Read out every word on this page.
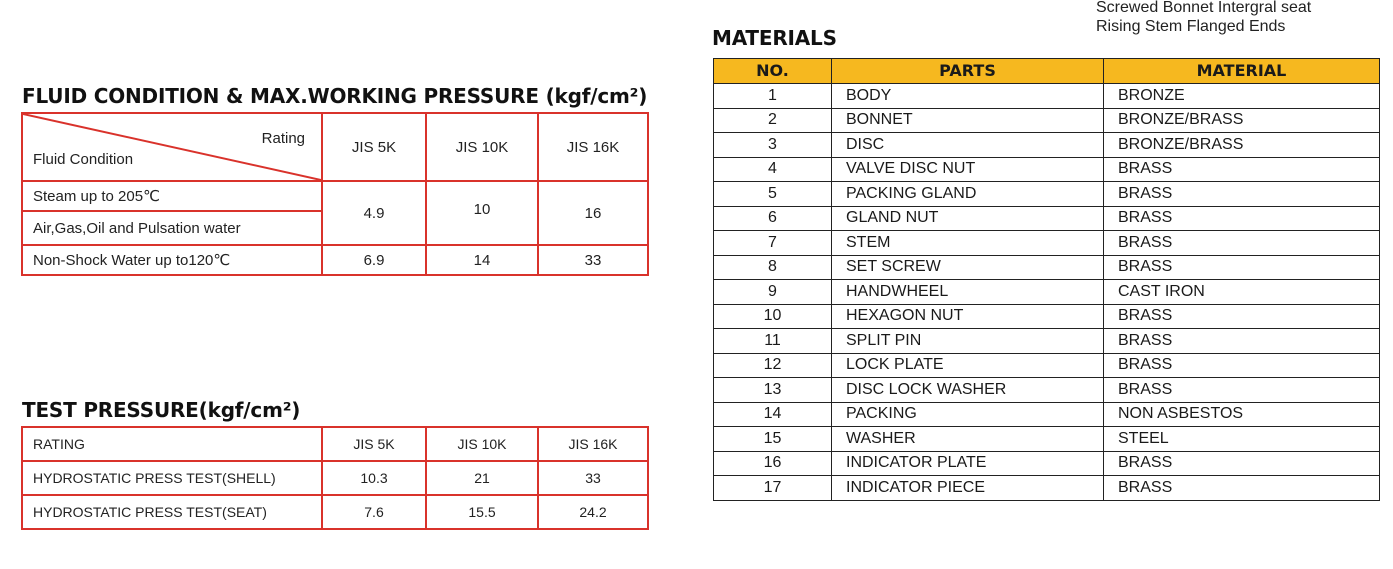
Screwed Bonnet Intergral seat
Rising Stem Flanged Ends
FLUID CONDITION & MAX.WORKING PRESSURE (kgf/cm²)
Rating
Fluid Condition	JIS 5K	JIS 10K	JIS 16K
Steam up to 205℃	4.9	10	16
Air,Gas,Oil and Pulsation water			
Non-Shock Water up to120℃	6.9	14	33
TEST PRESSURE(kgf/cm²)
RATING	JIS 5K	JIS 10K	JIS 16K
HYDROSTATIC PRESS TEST(SHELL)	10.3	21	33
HYDROSTATIC PRESS TEST(SEAT)	7.6	15.5	24.2
MATERIALS
NO.	PARTS	MATERIAL
1	BODY	BRONZE
2	BONNET	BRONZE/BRASS
3	DISC	BRONZE/BRASS
4	VALVE DISC NUT	BRASS
5	PACKING GLAND	BRASS
6	GLAND NUT	BRASS
7	STEM	BRASS
8	SET SCREW	BRASS
9	HANDWHEEL	CAST IRON
10	HEXAGON NUT	BRASS
11	SPLIT PIN	BRASS
12	LOCK PLATE	BRASS
13	DISC LOCK WASHER	BRASS
14	PACKING	NON ASBESTOS
15	WASHER	STEEL
16	INDICATOR PLATE	BRASS
17	INDICATOR PIECE	BRASS
